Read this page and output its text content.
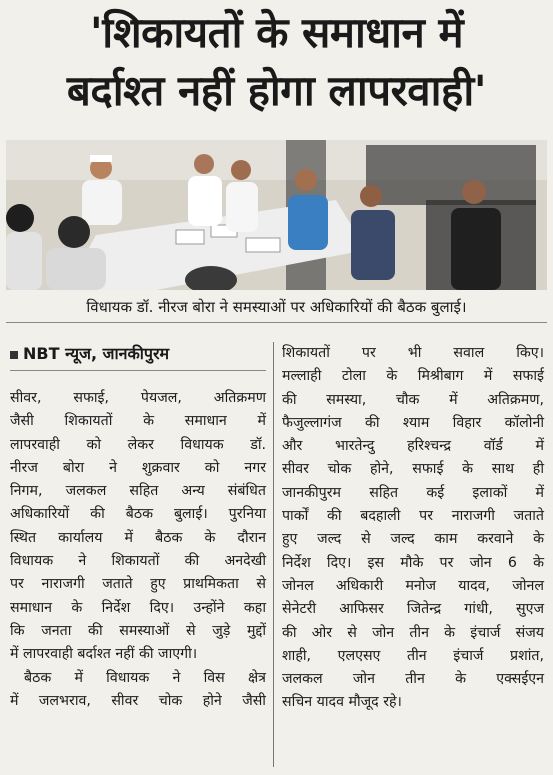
'शिकायतों के समाधान में
बर्दाश्त नहीं होगा लापरवाही'
विधायक डॉ. नीरज बोरा ने समस्याओं पर अधिकारियों की बैठक बुलाई।
NBT न्यूज, जानकीपुरम

सीवर, सफाई, पेयजल, अतिक्रमण

जैसी शिकायतों के समाधान में

लापरवाही को लेकर विधायक डॉ.

नीरज बोरा ने शुक्रवार को नगर

निगम, जलकल सहित अन्य संबंधित

अधिकारियों की बैठक बुलाई। पुरनिया

स्थित कार्यालय में बैठक के दौरान

विधायक ने शिकायतों की अनदेखी

पर नाराजगी जताते हुए प्राथमिकता से

समाधान के निर्देश दिए। उन्होंने कहा

कि जनता की समस्याओं से जुड़े मुद्दों

में लापरवाही बर्दाश्त नहीं की जाएगी।

बैठक में विधायक ने विस क्षेत्र

में जलभराव, सीवर चोक होने जैसी

शिकायतों पर भी सवाल किए।

मल्लाही टोला के मिश्रीबाग में सफाई

की समस्या, चौक में अतिक्रमण,

फैजुल्लागंज की श्याम विहार कॉलोनी

और भारतेन्दु हरिश्चन्द्र वॉर्ड में

सीवर चोक होने, सफाई के साथ ही

जानकीपुरम सहित कई इलाकों में

पार्कों की बदहाली पर नाराजगी जताते

हुए जल्द से जल्द काम करवाने के

निर्देश दिए। इस मौके पर जोन 6 के

जोनल अधिकारी मनोज यादव, जोनल

सेनेटरी आफिसर जितेन्द्र गांधी, सुएज

की ओर से जोन तीन के इंचार्ज संजय

शाही, एलएसए तीन इंचार्ज प्रशांत,

जलकल जोन तीन के एक्सईएन

सचिन यादव मौजूद रहे।
